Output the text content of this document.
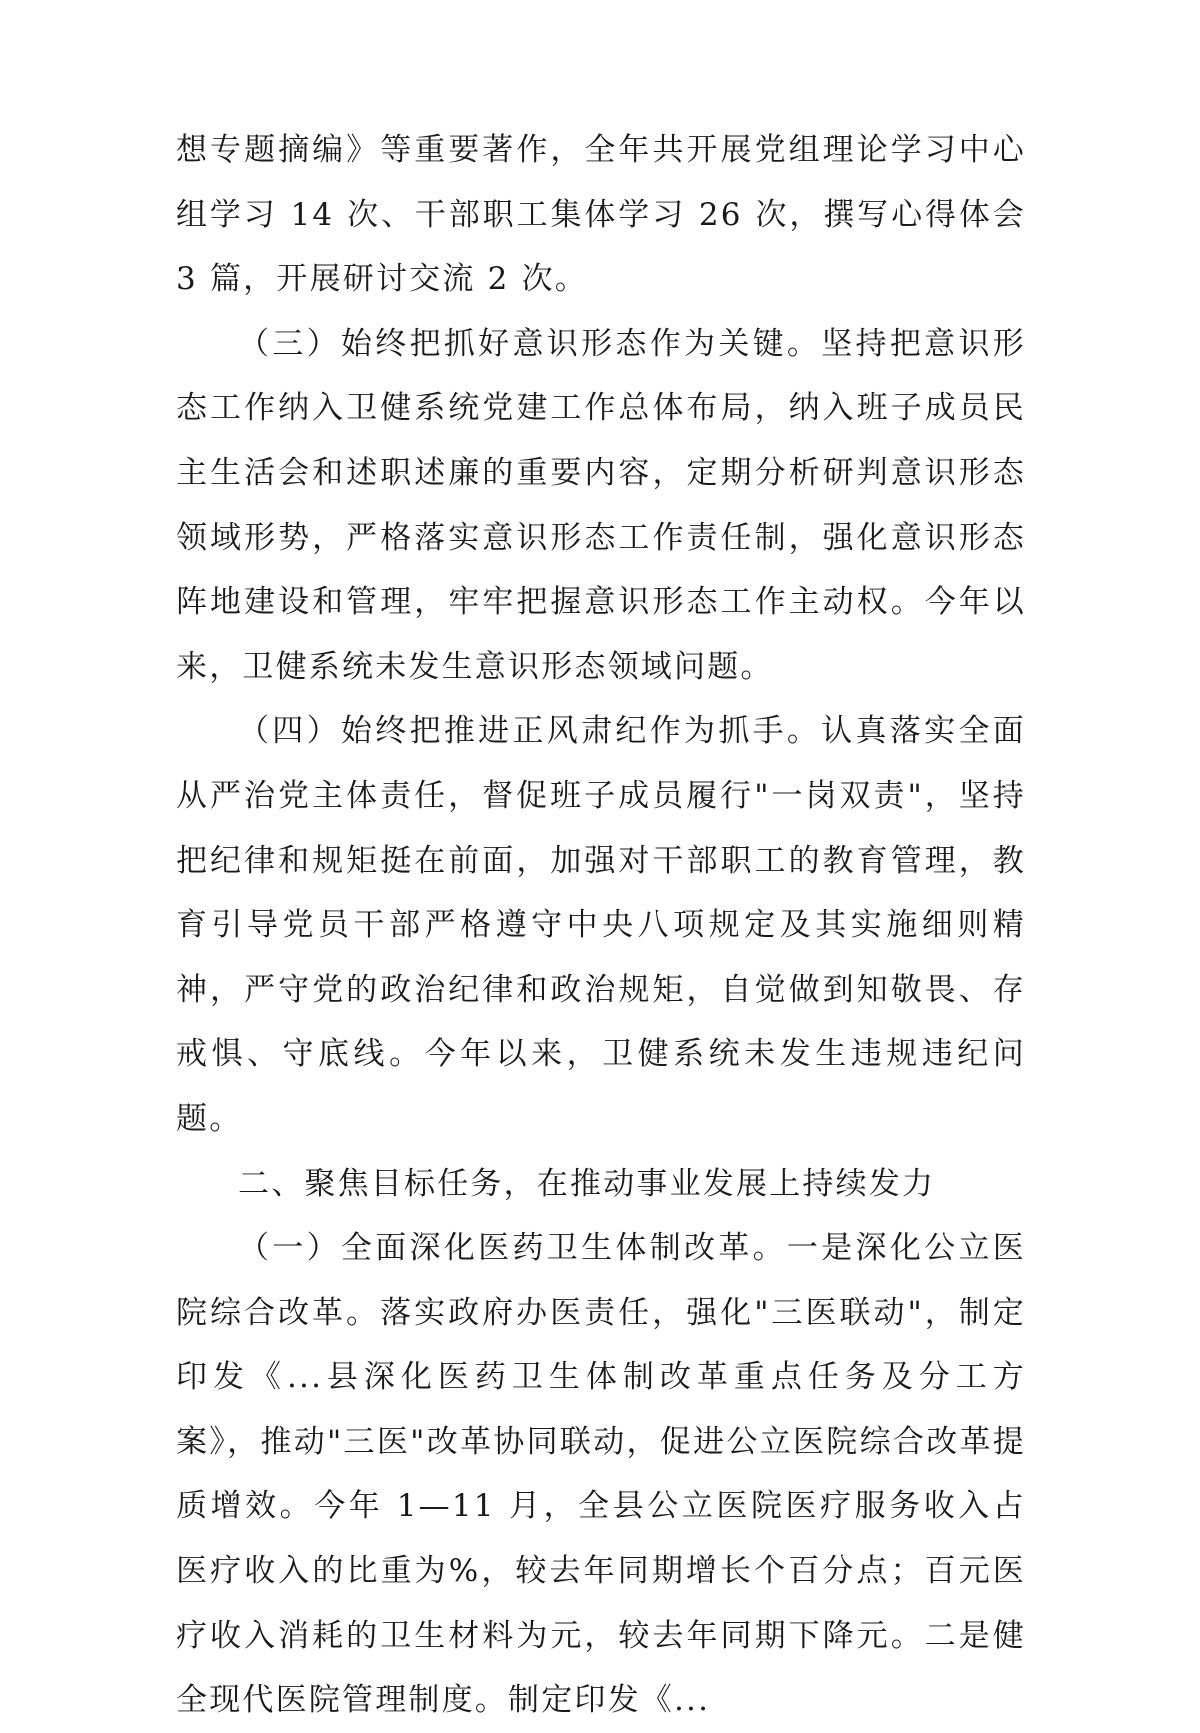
想专题摘编》等重要著作，全年共开展党组理论学习中心组学习 14 次、干部职工集体学习 26 次，撰写心得体会 3 篇，开展研讨交流 2 次。

（三）始终把抓好意识形态作为关键。坚持把意识形态工作纳入卫健系统党建工作总体布局，纳入班子成员民主生活会和述职述廉的重要内容，定期分析研判意识形态领域形势，严格落实意识形态工作责任制，强化意识形态阵地建设和管理，牢牢把握意识形态工作主动权。今年以来，卫健系统未发生意识形态领域问题。

（四）始终把推进正风肃纪作为抓手。认真落实全面从严治党主体责任，督促班子成员履行"一岗双责"，坚持把纪律和规矩挺在前面，加强对干部职工的教育管理，教育引导党员干部严格遵守中央八项规定及其实施细则精神，严守党的政治纪律和政治规矩，自觉做到知敬畏、存戒惧、守底线。今年以来，卫健系统未发生违规违纪问题。

二、聚焦目标任务，在推动事业发展上持续发力

（一）全面深化医药卫生体制改革。一是深化公立医院综合改革。落实政府办医责任，强化"三医联动"，制定印发《...县深化医药卫生体制改革重点任务及分工方案》，推动"三医"改革协同联动，促进公立医院综合改革提质增效。今年 1—11 月，全县公立医院医疗服务收入占医疗收入的比重为%，较去年同期增长个百分点；百元医疗收入消耗的卫生材料为元，较去年同期下降元。二是健全现代医院管理制度。制定印发《...
